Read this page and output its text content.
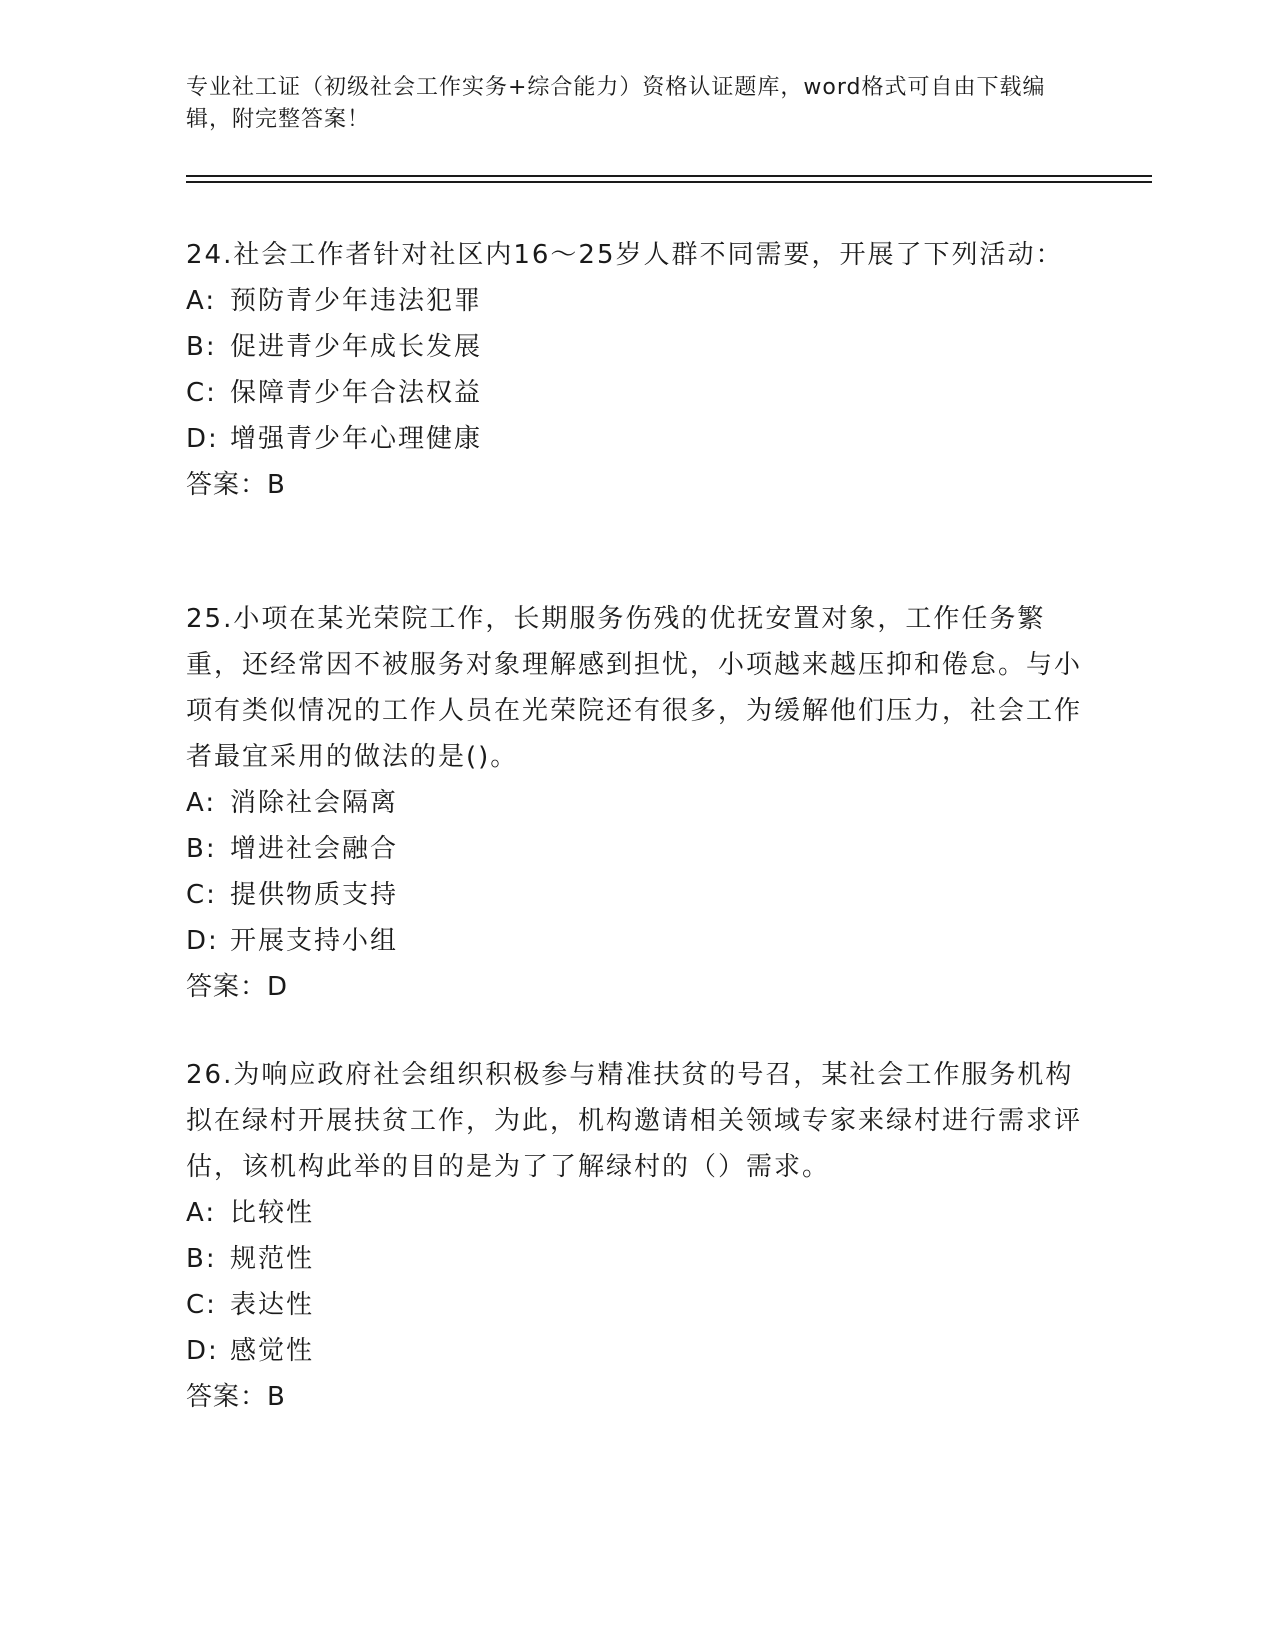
专业社工证（初级社会工作实务+综合能力）资格认证题库，word格式可自由下载编辑，附完整答案！
24.社会工作者针对社区内16～25岁人群不同需要，开展了下列活动：
A: 预防青少年违法犯罪
B: 促进青少年成长发展
C: 保障青少年合法权益
D: 增强青少年心理健康
答案：B
25.小项在某光荣院工作，长期服务伤残的优抚安置对象，工作任务繁重，还经常因不被服务对象理解感到担忧，小项越来越压抑和倦怠。与小项有类似情况的工作人员在光荣院还有很多，为缓解他们压力，社会工作者最宜采用的做法的是()。
A: 消除社会隔离
B: 增进社会融合
C: 提供物质支持
D: 开展支持小组
答案：D
26.为响应政府社会组织积极参与精准扶贫的号召，某社会工作服务机构拟在绿村开展扶贫工作，为此，机构邀请相关领域专家来绿村进行需求评估，该机构此举的目的是为了了解绿村的（）需求。
A: 比较性
B: 规范性
C: 表达性
D: 感觉性
答案：B
